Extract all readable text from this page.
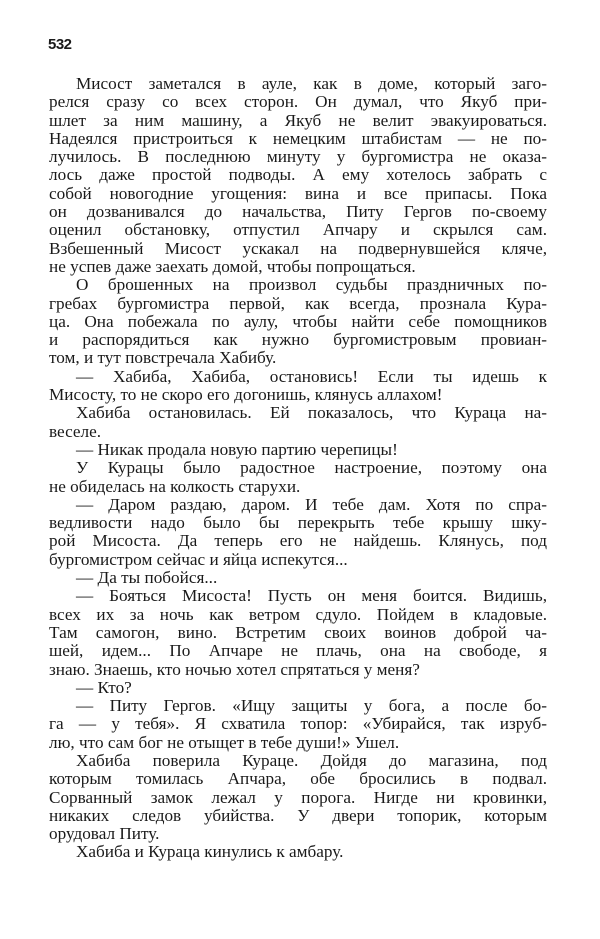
532
Мисост заметался в ауле, как в доме, который заго-
релся сразу со всех сторон. Он думал, что Якуб при-
шлет за ним машину, а Якуб не велит эвакуироваться.
Надеялся пристроиться к немецким штабистам — не по-
лучилось. В последнюю минуту у бургомистра не оказа-
лось даже простой подводы. А ему хотелось забрать с
собой новогодние угощения: вина и все припасы. Пока
он дозванивался до начальства, Питу Гергов по-своему
оценил обстановку, отпустил Апчару и скрылся сам.
Взбешенный Мисост ускакал на подвернувшейся кляче,
не успев даже заехать домой, чтобы попрощаться.
О брошенных на произвол судьбы праздничных по-
гребах бургомистра первой, как всегда, прознала Кура-
ца. Она побежала по аулу, чтобы найти себе помощников
и распорядиться как нужно бургомистровым провиан-
том, и тут повстречала Хабибу.
— Хабиба, Хабиба, остановись! Если ты идешь к
Мисосту, то не скоро его догонишь, клянусь аллахом!
Хабиба остановилась. Ей показалось, что Кураца на-
веселе.
— Никак продала новую партию черепицы!
У Курацы было радостное настроение, поэтому она
не обиделась на колкость старухи.
— Даром раздаю, даром. И тебе дам. Хотя по спра-
ведливости надо было бы перекрыть тебе крышу шку-
рой Мисоста. Да теперь его не найдешь. Клянусь, под
бургомистром сейчас и яйца испекутся...
— Да ты побойся...
— Бояться Мисоста! Пусть он меня боится. Видишь,
всех их за ночь как ветром сдуло. Пойдем в кладовые.
Там самогон, вино. Встретим своих воинов доброй ча-
шей, идем... По Апчаре не плачь, она на свободе, я
знаю. Знаешь, кто ночью хотел спрятаться у меня?
— Кто?
— Питу Гергов. «Ищу защиты у бога, а после бо-
га — у тебя». Я схватила топор: «Убирайся, так изруб-
лю, что сам бог не отыщет в тебе души!» Ушел.
Хабиба поверила Кураце. Дойдя до магазина, под
которым томилась Апчара, обе бросились в подвал.
Сорванный замок лежал у порога. Нигде ни кровинки,
никаких следов убийства. У двери топорик, которым
орудовал Питу.
Хабиба и Кураца кинулись к амбару.
